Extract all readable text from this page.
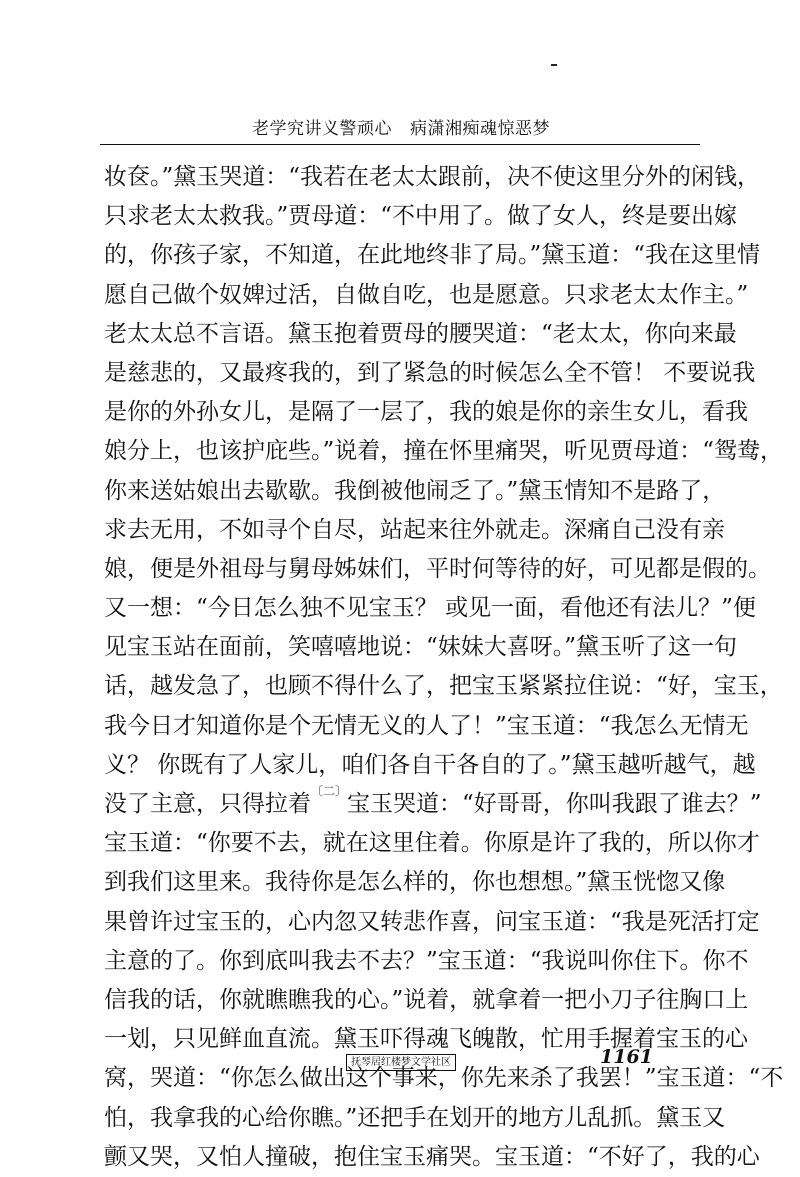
老学究讲义警顽心 病潇湘痴魂惊恶梦
妆奁。”黛玉哭道：“我若在老太太跟前，决不使这里分外的闲钱，
只求老太太救我。”贾母道：“不中用了。做了女人，终是要出嫁
的，你孩子家，不知道，在此地终非了局。”黛玉道：“我在这里情
愿自己做个奴婢过活，自做自吃，也是愿意。只求老太太作主。”
老太太总不言语。黛玉抱着贾母的腰哭道：“老太太，你向来最
是慈悲的，又最疼我的，到了紧急的时候怎么全不管！ 不要说我
是你的外孙女儿，是隔了一层了，我的娘是你的亲生女儿，看我
娘分上，也该护庇些。”说着，撞在怀里痛哭，听见贾母道：“鸳鸯，
你来送姑娘出去歇歇。我倒被他闹乏了。”黛玉情知不是路了，
求去无用，不如寻个自尽，站起来往外就走。深痛自己没有亲
娘，便是外祖母与舅母姊妹们，平时何等待的好，可见都是假的。
又一想：“今日怎么独不见宝玉？ 或见一面，看他还有法儿？”便
见宝玉站在面前，笑嘻嘻地说：“妹妹大喜呀。”黛玉听了这一句
话，越发急了，也顾不得什么了，把宝玉紧紧拉住说：“好，宝玉，
我今日才知道你是个无情无义的人了！”宝玉道：“我怎么无情无
义？ 你既有了人家儿，咱们各自干各自的了。”黛玉越听越气，越
没了主意，只得拉着$^{〔二〕}$宝玉哭道：“好哥哥，你叫我跟了谁去？”
宝玉道：“你要不去，就在这里住着。你原是许了我的，所以你才
到我们这里来。我待你是怎么样的，你也想想。”黛玉恍惚又像
果曾许过宝玉的，心内忽又转悲作喜，问宝玉道：“我是死活打定
主意的了。你到底叫我去不去？”宝玉道：“我说叫你住下。你不
信我的话，你就瞧瞧我的心。”说着，就拿着一把小刀子往胸口上
一划，只见鲜血直流。黛玉吓得魂飞魄散，忙用手握着宝玉的心
窝，哭道：“你怎么做出这个事来，你先来杀了我罢！”宝玉道：“不
怕，我拿我的心给你瞧。”还把手在划开的地方儿乱抓。黛玉又
颤又哭，又怕人撞破，抱住宝玉痛哭。宝玉道：“不好了，我的心
抚琴居红楼梦文学社区	1161
